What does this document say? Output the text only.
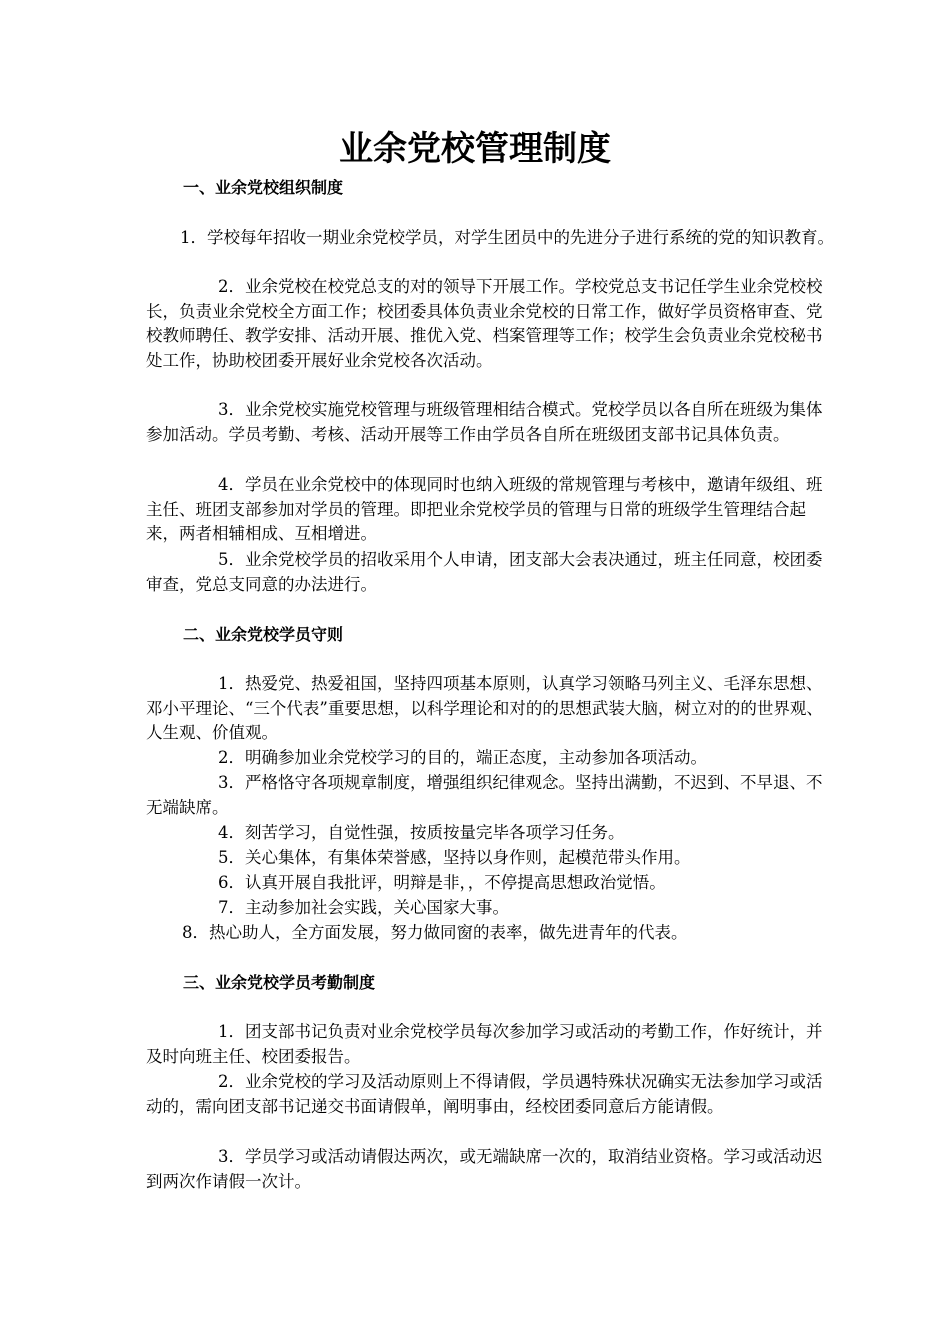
业余党校管理制度
一、业余党校组织制度

1．学校每年招收一期业余党校学员，对学生团员中的先进分子进行系统的党的知识教育。

2．业余党校在校党总支的对的领导下开展工作。学校党总支书记任学生业余党校校长，负责业余党校全方面工作；校团委具体负责业余党校的日常工作，做好学员资格审查、党校教师聘任、教学安排、活动开展、推优入党、档案管理等工作；校学生会负责业余党校秘书处工作，协助校团委开展好业余党校各次活动。

3．业余党校实施党校管理与班级管理相结合模式。党校学员以各自所在班级为集体参加活动。学员考勤、考核、活动开展等工作由学员各自所在班级团支部书记具体负责。

4．学员在业余党校中的体现同时也纳入班级的常规管理与考核中，邀请年级组、班主任、班团支部参加对学员的管理。即把业余党校学员的管理与日常的班级学生管理结合起来，两者相辅相成、互相增进。

5．业余党校学员的招收采用个人申请，团支部大会表决通过，班主任同意，校团委审查，党总支同意的办法进行。

二、业余党校学员守则

1．热爱党、热爱祖国，坚持四项基本原则，认真学习领略马列主义、毛泽东思想、邓小平理论、“三个代表”重要思想，以科学理论和对的的思想武装大脑，树立对的的世界观、人生观、价值观。

2．明确参加业余党校学习的目的，端正态度，主动参加各项活动。

3．严格恪守各项规章制度，增强组织纪律观念。坚持出满勤，不迟到、不早退、不无端缺席。

4．刻苦学习，自觉性强，按质按量完毕各项学习任务。

5．关心集体，有集体荣誉感，坚持以身作则，起模范带头作用。

6．认真开展自我批评，明辩是非，，不停提高思想政治觉悟。

7．主动参加社会实践，关心国家大事。

8．热心助人，全方面发展，努力做同窗的表率，做先进青年的代表。

三、业余党校学员考勤制度

1．团支部书记负责对业余党校学员每次参加学习或活动的考勤工作，作好统计，并及时向班主任、校团委报告。

2．业余党校的学习及活动原则上不得请假，学员遇特殊状况确实无法参加学习或活动的，需向团支部书记递交书面请假单，阐明事由，经校团委同意后方能请假。

3．学员学习或活动请假达两次，或无端缺席一次的，取消结业资格。学习或活动迟到两次作请假一次计。
